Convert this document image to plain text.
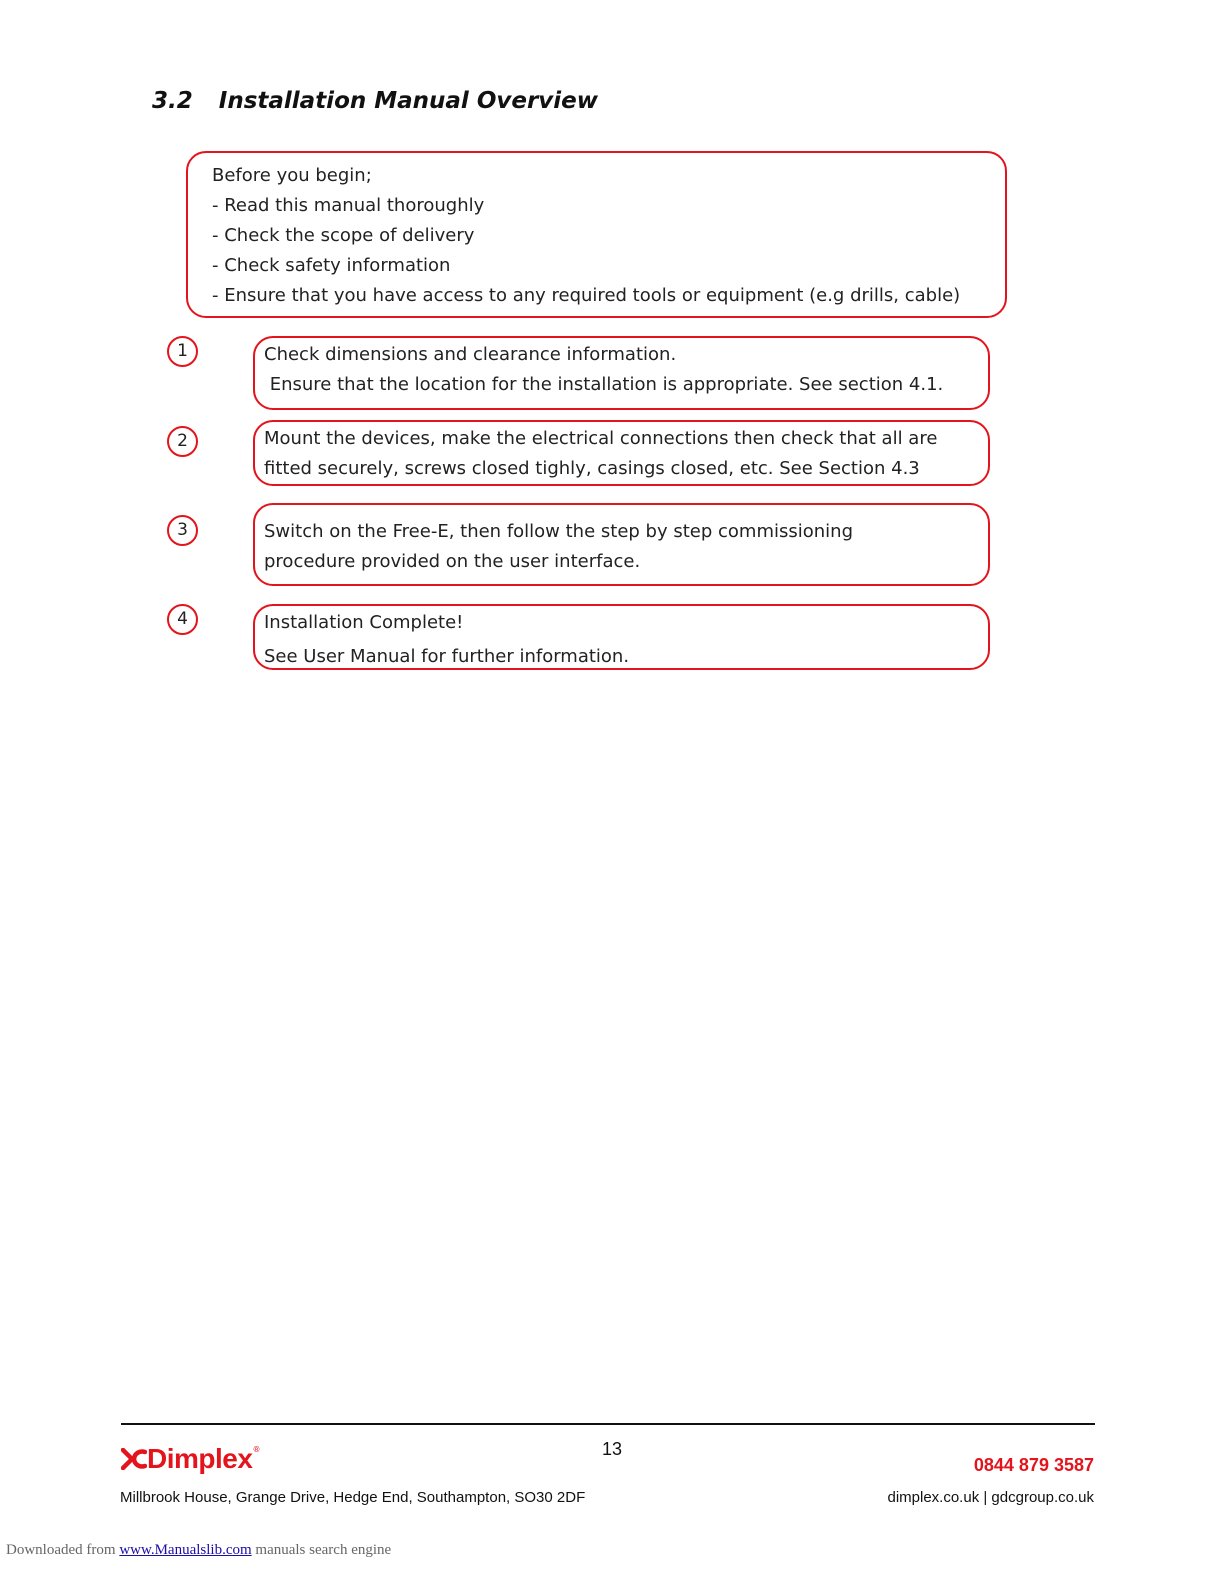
3.2 Installation Manual Overview
Before you begin;
- Read this manual thoroughly
- Check the scope of delivery
- Check safety information
- Ensure that you have access to any required tools or equipment (e.g drills, cable)
1	Check dimensions and clearance information.
Ensure that the location for the installation is appropriate. See section 4.1.
2	Mount the devices, make the electrical connections then check that all are
fitted securely, screws closed tighly, casings closed, etc. See Section 4.3
3	Switch on the Free-E, then follow the step by step commissioning
procedure provided on the user interface.
4	Installation Complete!
See User Manual for further information.
Dimplex ®	13
0844 879 3587
Millbrook House, Grange Drive, Hedge End, Southampton, SO30 2DF	dimplex.co.uk | gdcgroup.co.uk
Downloaded from www.Manualslib.com manuals search engine
